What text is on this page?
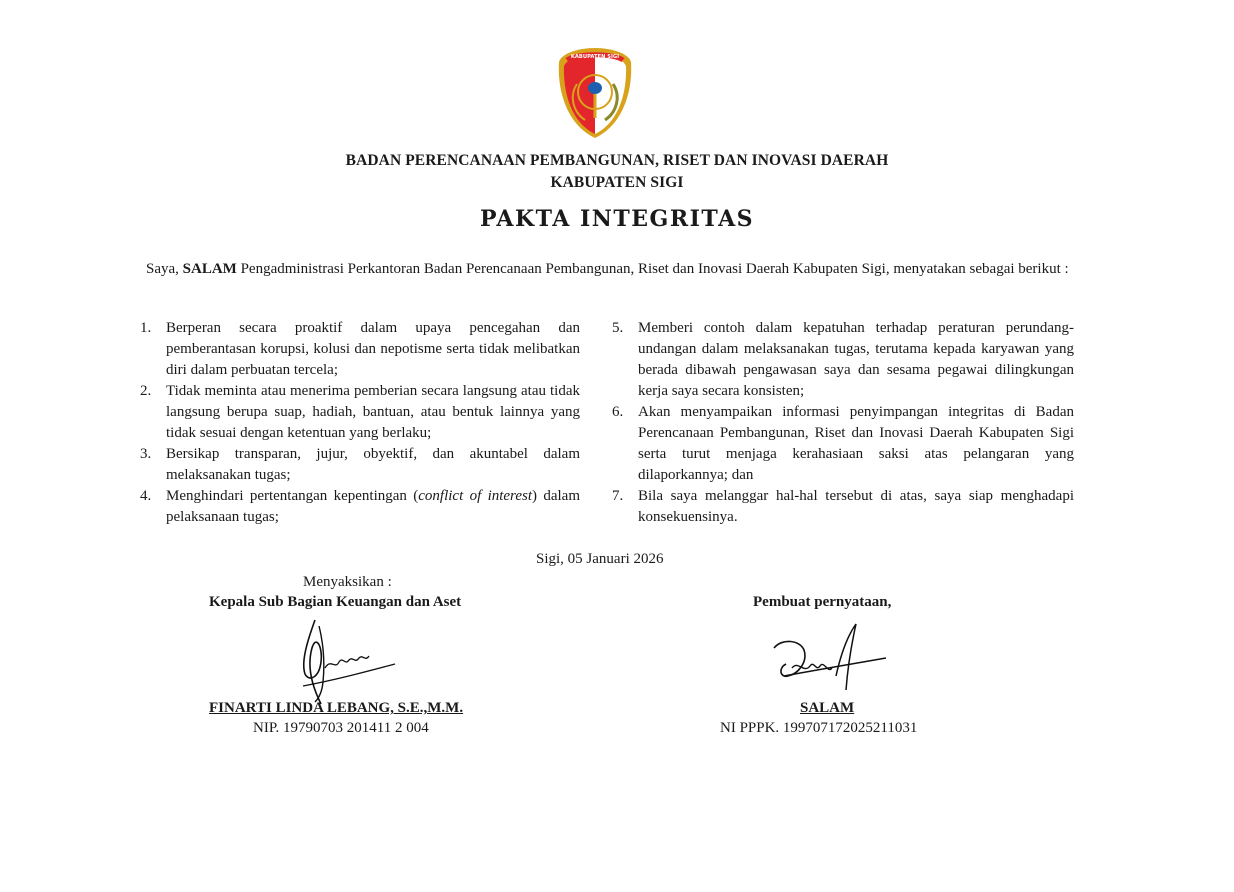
KABUPATEN SIGI
BADAN PERENCANAAN PEMBANGUNAN, RISET DAN INOVASI DAERAH
KABUPATEN SIGI
PAKTA INTEGRITAS
Saya, SALAM Pengadministrasi Perkantoran Badan Perencanaan Pembangunan, Riset dan Inovasi Daerah Kabupaten Sigi, menyatakan sebagai berikut :
1. Berperan secara proaktif dalam upaya pencegahan dan pemberantasan korupsi, kolusi dan nepotisme serta tidak melibatkan diri dalam perbuatan tercela;
2. Tidak meminta atau menerima pemberian secara langsung atau tidak langsung berupa suap, hadiah, bantuan, atau bentuk lainnya yang tidak sesuai dengan ketentuan yang berlaku;
3. Bersikap transparan, jujur, obyektif, dan akuntabel dalam melaksanakan tugas;
4. Menghindari pertentangan kepentingan (conflict of interest) dalam pelaksanaan tugas;
5. Memberi contoh dalam kepatuhan terhadap peraturan perundang-undangan dalam melaksanakan tugas, terutama kepada karyawan yang berada dibawah pengawasan saya dan sesama pegawai dilingkungan kerja saya secara konsisten;
6. Akan menyampaikan informasi penyimpangan integritas di Badan Perencanaan Pembangunan, Riset dan Inovasi Daerah Kabupaten Sigi serta turut menjaga kerahasiaan saksi atas pelangaran yang dilaporkannya; dan
7. Bila saya melanggar hal-hal tersebut di atas, saya siap menghadapi konsekuensinya.
Sigi, 05 Januari 2026
Menyaksikan :
Kepala Sub Bagian Keuangan dan Aset	Pembuat pernyataan,
FINARTI LINDA LEBANG, S.E.,M.M.	SALAM
NIP. 19790703 201411 2 004	NI PPPK. 199707172025211031
